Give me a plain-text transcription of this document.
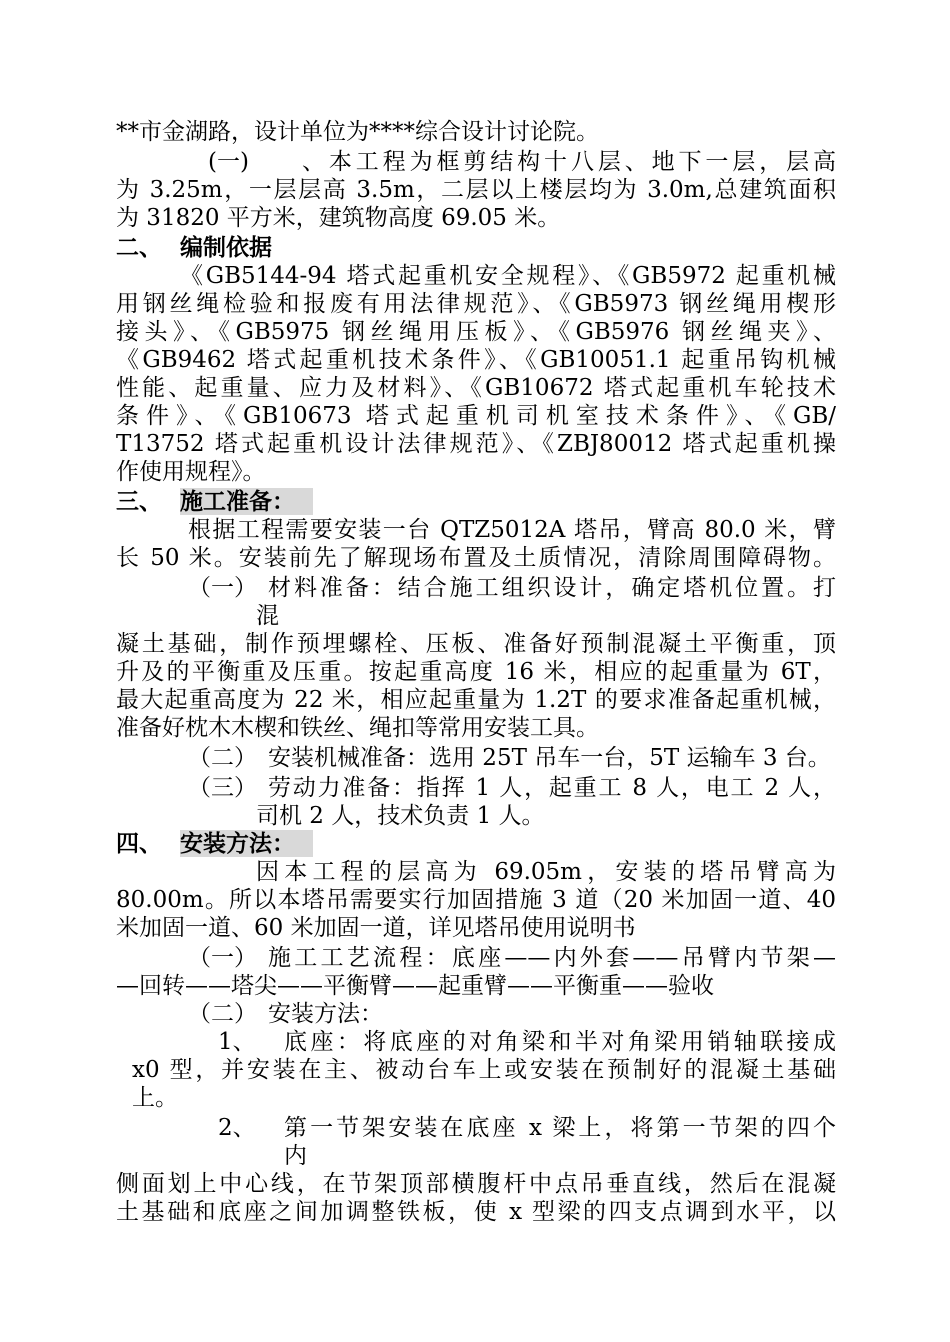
**市金湖路，设计单位为****综合设计讨论院。
(一) 、本工程为框剪结构十八层、地下一层，层高
为 3.25m，一层层高 3.5m，二层以上楼层均为 3.0m,总建筑面积
为 31820 平方米，建筑物高度 69.05 米。
二、 编制依据
《GB5144-94 塔式起重机安全规程》、《GB5972 起重机械
用钢丝绳检验和报废有用法律规范》、《GB5973 钢丝绳用楔形
接头》、《GB5975 钢丝绳用压板》、《GB5976 钢丝绳夹》、
《GB9462 塔式起重机技术条件》、《GB10051.1 起重吊钩机械
性能、起重量、应力及材料》、《GB10672 塔式起重机车轮技术
条件》、《GB10673 塔式起重机司机室技术条件》、《GB/
T13752 塔式起重机设计法律规范》、《ZBJ80012 塔式起重机操
作使用规程》。
三、 施工准备：
根据工程需要安装一台 QTZ5012A 塔吊，臂高 80.0 米，臂
长 50 米。安装前先了解现场布置及土质情况，清除周围障碍物。
（一） 材料准备：结合施工组织设计，确定塔机位置。打
混
凝土基础，制作预埋螺栓、压板、准备好预制混凝土平衡重，顶
升及的平衡重及压重。按起重高度 16 米，相应的起重量为 6T，
最大起重高度为 22 米，相应起重量为 1.2T 的要求准备起重机械，
准备好枕木木楔和铁丝、绳扣等常用安装工具。
（二） 安装机械准备：选用 25T 吊车一台，5T 运输车 3 台。
（三） 劳动力准备：指挥 1 人，起重工 8 人，电工 2 人，
司机 2 人，技术负责 1 人。
四、 安装方法：
因本工程的层高为 69.05m，安装的塔吊臂高为
80.00m。所以本塔吊需要实行加固措施 3 道（20 米加固一道、40
米加固一道、60 米加固一道，详见塔吊使用说明书
（一） 施工工艺流程：底座——内外套——吊臂内节架—
—回转——塔尖——平衡臂——起重臂——平衡重——验收
（二） 安装方法：
1、 底座：将底座的对角梁和半对角梁用销轴联接成
x0 型，并安装在主、被动台车上或安装在预制好的混凝土基础
上。
2、 第一节架安装在底座 x 梁上，将第一节架的四个
内
侧面划上中心线，在节架顶部横腹杆中点吊垂直线，然后在混凝
土基础和底座之间加调整铁板，使 x 型梁的四支点调到水平，以
